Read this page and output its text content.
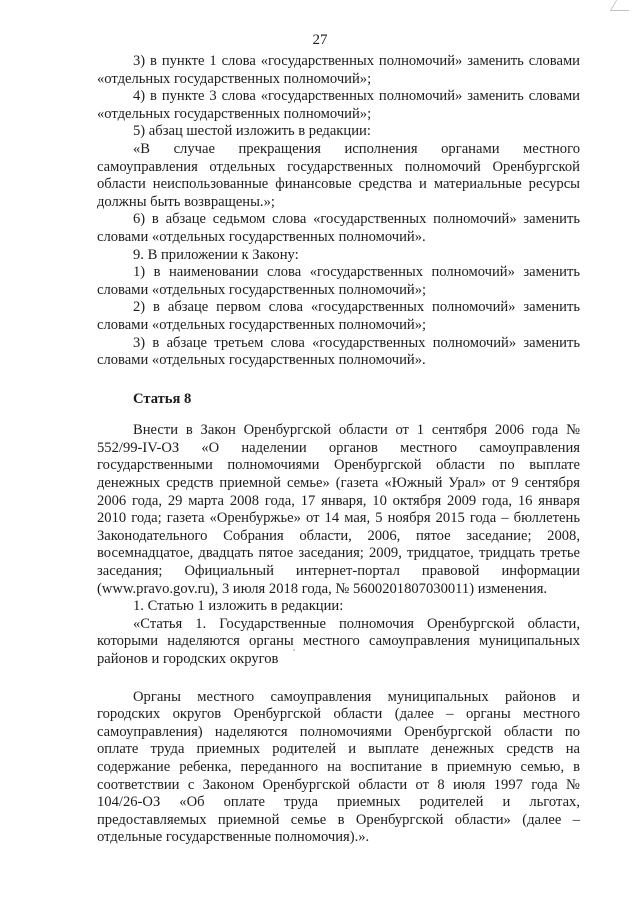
27

3) в пункте 1 слова «государственных полномочий» заменить словами «отдельных государственных полномочий»;

4) в пункте 3 слова «государственных полномочий» заменить словами «отдельных государственных полномочий»;

5) абзац шестой изложить в редакции:

«В случае прекращения исполнения органами местного самоуправления отдельных государственных полномочий Оренбургской области неиспользованные финансовые средства и материальные ресурсы должны быть возвращены.»;

6) в абзаце седьмом слова «государственных полномочий» заменить словами «отдельных государственных полномочий».

9. В приложении к Закону:

1) в наименовании слова «государственных полномочий» заменить словами «отдельных государственных полномочий»;

2) в абзаце первом слова «государственных полномочий» заменить словами «отдельных государственных полномочий»;

3) в абзаце третьем слова «государственных полномочий» заменить словами «отдельных государственных полномочий».

Статья 8

Внести в Закон Оренбургской области от 1 сентября 2006 года № 552/99-IV-ОЗ «О наделении органов местного самоуправления государственными полномочиями Оренбургской области по выплате денежных средств приемной семье» (газета «Южный Урал» от 9 сентября 2006 года, 29 марта 2008 года, 17 января, 10 октября 2009 года, 16 января 2010 года; газета «Оренбуржье» от 14 мая, 5 ноября 2015 года – бюллетень Законодательного Собрания области, 2006, пятое заседание; 2008, восемнадцатое, двадцать пятое заседания; 2009, тридцатое, тридцать третье заседания; Официальный интернет-портал правовой информации (www.pravo.gov.ru), 3 июля 2018 года, № 5600201807030011) изменения.

1. Статью 1 изложить в редакции:

«Статья 1. Государственные полномочия Оренбургской области, которыми наделяются органы местного самоуправления муниципальных районов и городских округов

Органы местного самоуправления муниципальных районов и городских округов Оренбургской области (далее – органы местного самоуправления) наделяются полномочиями Оренбургской области по оплате труда приемных родителей и выплате денежных средств на содержание ребенка, переданного на воспитание в приемную семью, в соответствии с Законом Оренбургской области от 8 июля 1997 года № 104/26-ОЗ «Об оплате труда приемных родителей и льготах, предоставляемых приемной семье в Оренбургской области» (далее – отдельные государственные полномочия).».
